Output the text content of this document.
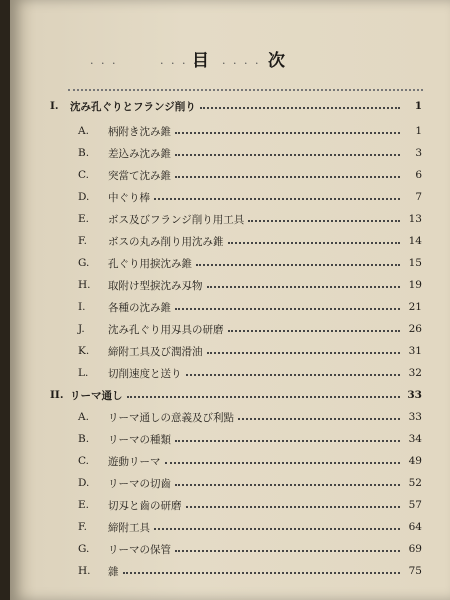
. . .	. . . .
目 . . . . 次
I.	沈み孔ぐりとフランジ削り	1
A.	柄附き沈み錐	1
B.	差込み沈み錐	3
C.	突當て沈み錐	6
D.	中ぐり棒	7
E.	ボス及びフランジ削り用工具	13
F.	ボスの丸み削り用沈み錐	14
G.	孔ぐり用捩沈み錐	15
H.	取附け型捩沈み刄物	19
I.	各種の沈み錐	21
J.	沈み孔ぐり用刄具の研磨	26
K.	締附工具及び潤滑油	31
L.	切削速度と送り	32
II. リーマ通し	33
A.	リーマ通しの意義及び利點	33
B.	リーマの種類	34
C.	遊動リーマ	49
D.	リーマの切齒	52
E.	切刄と齒の研磨	57
F.	締附工具	64
G.	リーマの保管	69
H.	雜	75
